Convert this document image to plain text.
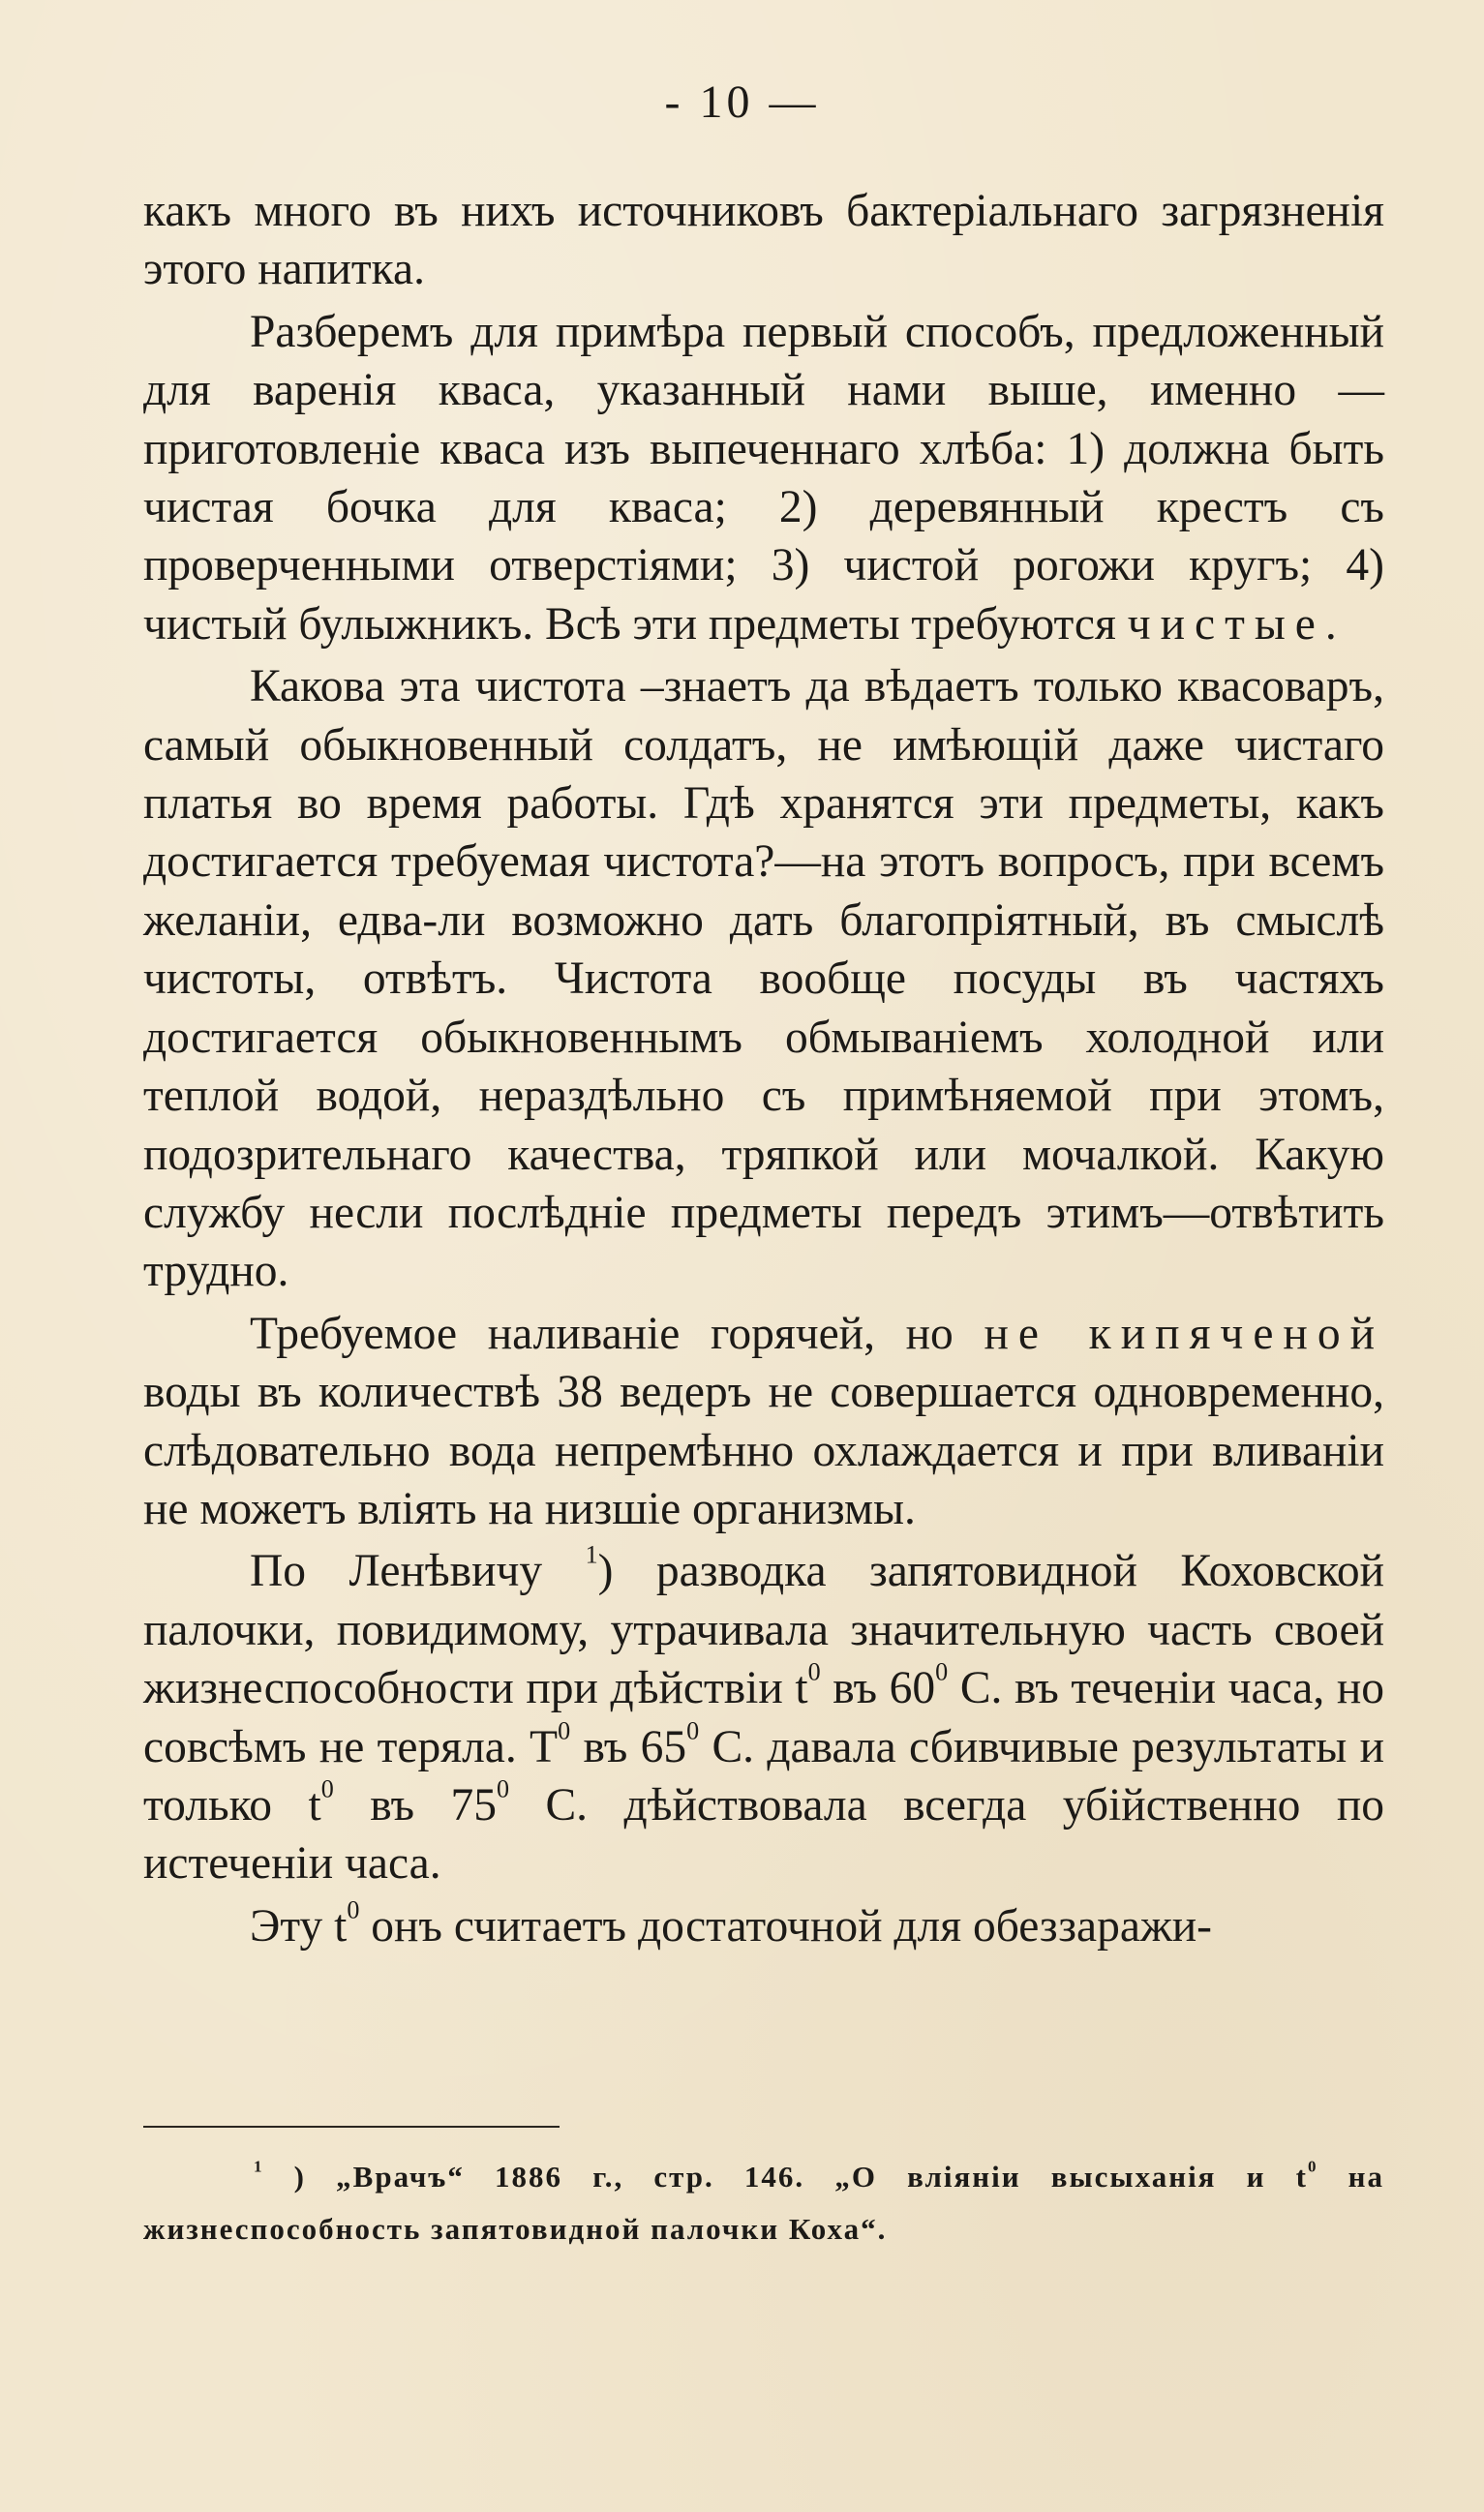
- 10 —

какъ много въ нихъ источниковъ бактеріальнаго загрязненія этого напитка.

Разберемъ для примѣра первый способъ, предложенный для варенія кваса, указанный нами выше, именно — приготовленіе кваса изъ выпеченнаго хлѣба: 1) должна быть чистая бочка для кваса; 2) деревянный крестъ съ проверченными отверстіями; 3) чистой рогожи кругъ; 4) чистый булыжникъ. Всѣ эти предметы требуются чистые.

Какова эта чистота –знаетъ да вѣдаетъ только квасоваръ, самый обыкновенный солдатъ, не имѣющій даже чистаго платья во время работы. Гдѣ хранятся эти предметы, какъ достигается требуемая чистота?—на этотъ вопросъ, при всемъ желаніи, едва-ли возможно дать благопріятный, въ смыслѣ чистоты, отвѣтъ. Чистота вообще посуды въ частяхъ достигается обыкновеннымъ обмываніемъ холодной или теплой водой, нераздѣльно съ примѣняемой при этомъ, подозрительнаго качества, тряпкой или мочалкой. Какую службу несли послѣдніе предметы передъ этимъ—отвѣтить трудно.

Требуемое наливаніе горячей, но не кипяченой воды въ количествѣ 38 ведеръ не совершается одновременно, слѣдовательно вода непремѣнно охлаждается и при вливаніи не можетъ вліять на низшіе организмы.

По Ленѣвичу $^1$) разводка запятовидной Коховской палочки, повидимому, утрачивала значительную часть своей жизнеспособности при дѣйствіи $t^0$ въ $60^0$ С. въ теченіи часа, но совсѣмъ не теряла. $T^0$ въ $65^0$ С. давала сбивчивые результаты и только $t^0$ въ $75^0$ С. дѣйствовала всегда убійственно по истеченіи часа.

Эту $t^0$ онъ считаетъ достаточной для обеззаражи-

$^1$ ) „Врачъ“ 1886 г., стр. 146. „О вліяніи высыханія и $t^0$ на жизнеспособность запятовидной палочки Коха“.
